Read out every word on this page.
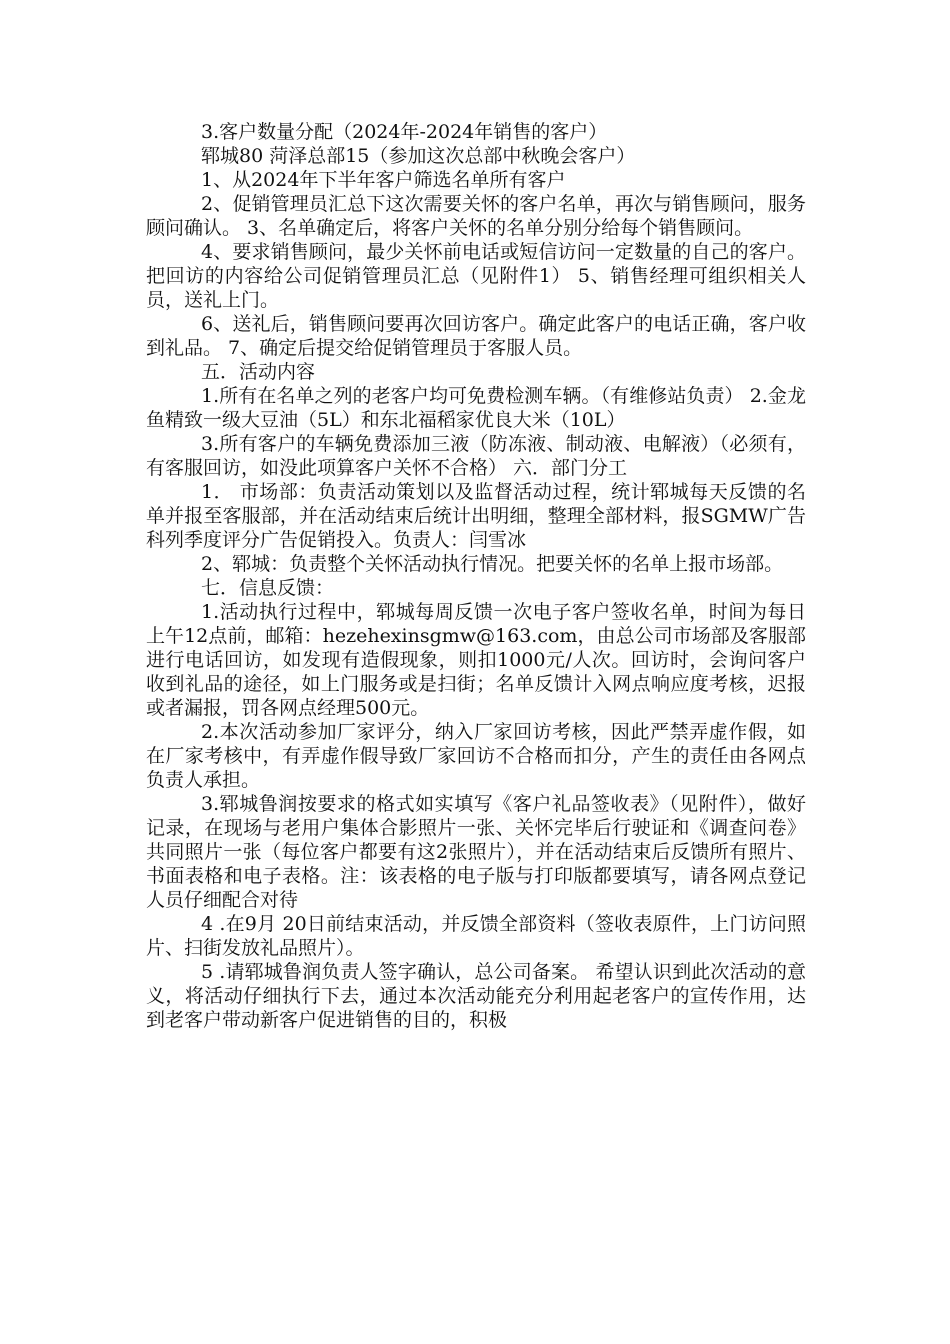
3.客户数量分配（2024年-2024年销售的客户）

郓城80 菏泽总部15（参加这次总部中秋晚会客户）

1、从2024年下半年客户筛选名单所有客户

2、促销管理员汇总下这次需要关怀的客户名单，再次与销售顾问，服务顾问确认。 3、名单确定后，将客户关怀的名单分别分给每个销售顾问。

4、要求销售顾问，最少关怀前电话或短信访问一定数量的自己的客户。把回访的内容给公司促销管理员汇总（见附件1） 5、销售经理可组织相关人员，送礼上门。

6、送礼后，销售顾问要再次回访客户。确定此客户的电话正确，客户收到礼品。 7、确定后提交给促销管理员于客服人员。

五．活动内容

1.所有在名单之列的老客户均可免费检测车辆。（有维修站负责） 2.金龙鱼精致一级大豆油（5L）和东北福稻家优良大米（10L）

3.所有客户的车辆免费添加三液（防冻液、制动液、电解液）（必须有，有客服回访，如没此项算客户关怀不合格） 六．部门分工

1． 市场部：负责活动策划以及监督活动过程，统计郓城每天反馈的名单并报至客服部，并在活动结束后统计出明细，整理全部材料，报SGMW广告科列季度评分广告促销投入。负责人：闫雪冰

2、郓城：负责整个关怀活动执行情况。把要关怀的名单上报市场部。

七．信息反馈：

1.活动执行过程中，郓城每周反馈一次电子客户签收名单，时间为每日上午12点前，邮箱：hezehexinsgmw@163.com，由总公司市场部及客服部进行电话回访，如发现有造假现象，则扣1000元/人次。回访时，会询问客户收到礼品的途径，如上门服务或是扫街；名单反馈计入网点响应度考核，迟报或者漏报，罚各网点经理500元。

2.本次活动参加厂家评分，纳入厂家回访考核，因此严禁弄虚作假，如在厂家考核中，有弄虚作假导致厂家回访不合格而扣分，产生的责任由各网点负责人承担。

3.郓城鲁润按要求的格式如实填写《客户礼品签收表》（见附件），做好记录，在现场与老用户集体合影照片一张、关怀完毕后行驶证和《调查问卷》共同照片一张（每位客户都要有这2张照片），并在活动结束后反馈所有照片、书面表格和电子表格。注：该表格的电子版与打印版都要填写，请各网点登记人员仔细配合对待

4 .在9月 20日前结束活动，并反馈全部资料（签收表原件，上门访问照片、扫街发放礼品照片）。

5 .请郓城鲁润负责人签字确认，总公司备案。 希望认识到此次活动的意义，将活动仔细执行下去，通过本次活动能充分利用起老客户的宣传作用，达到老客户带动新客户促进销售的目的，积极
